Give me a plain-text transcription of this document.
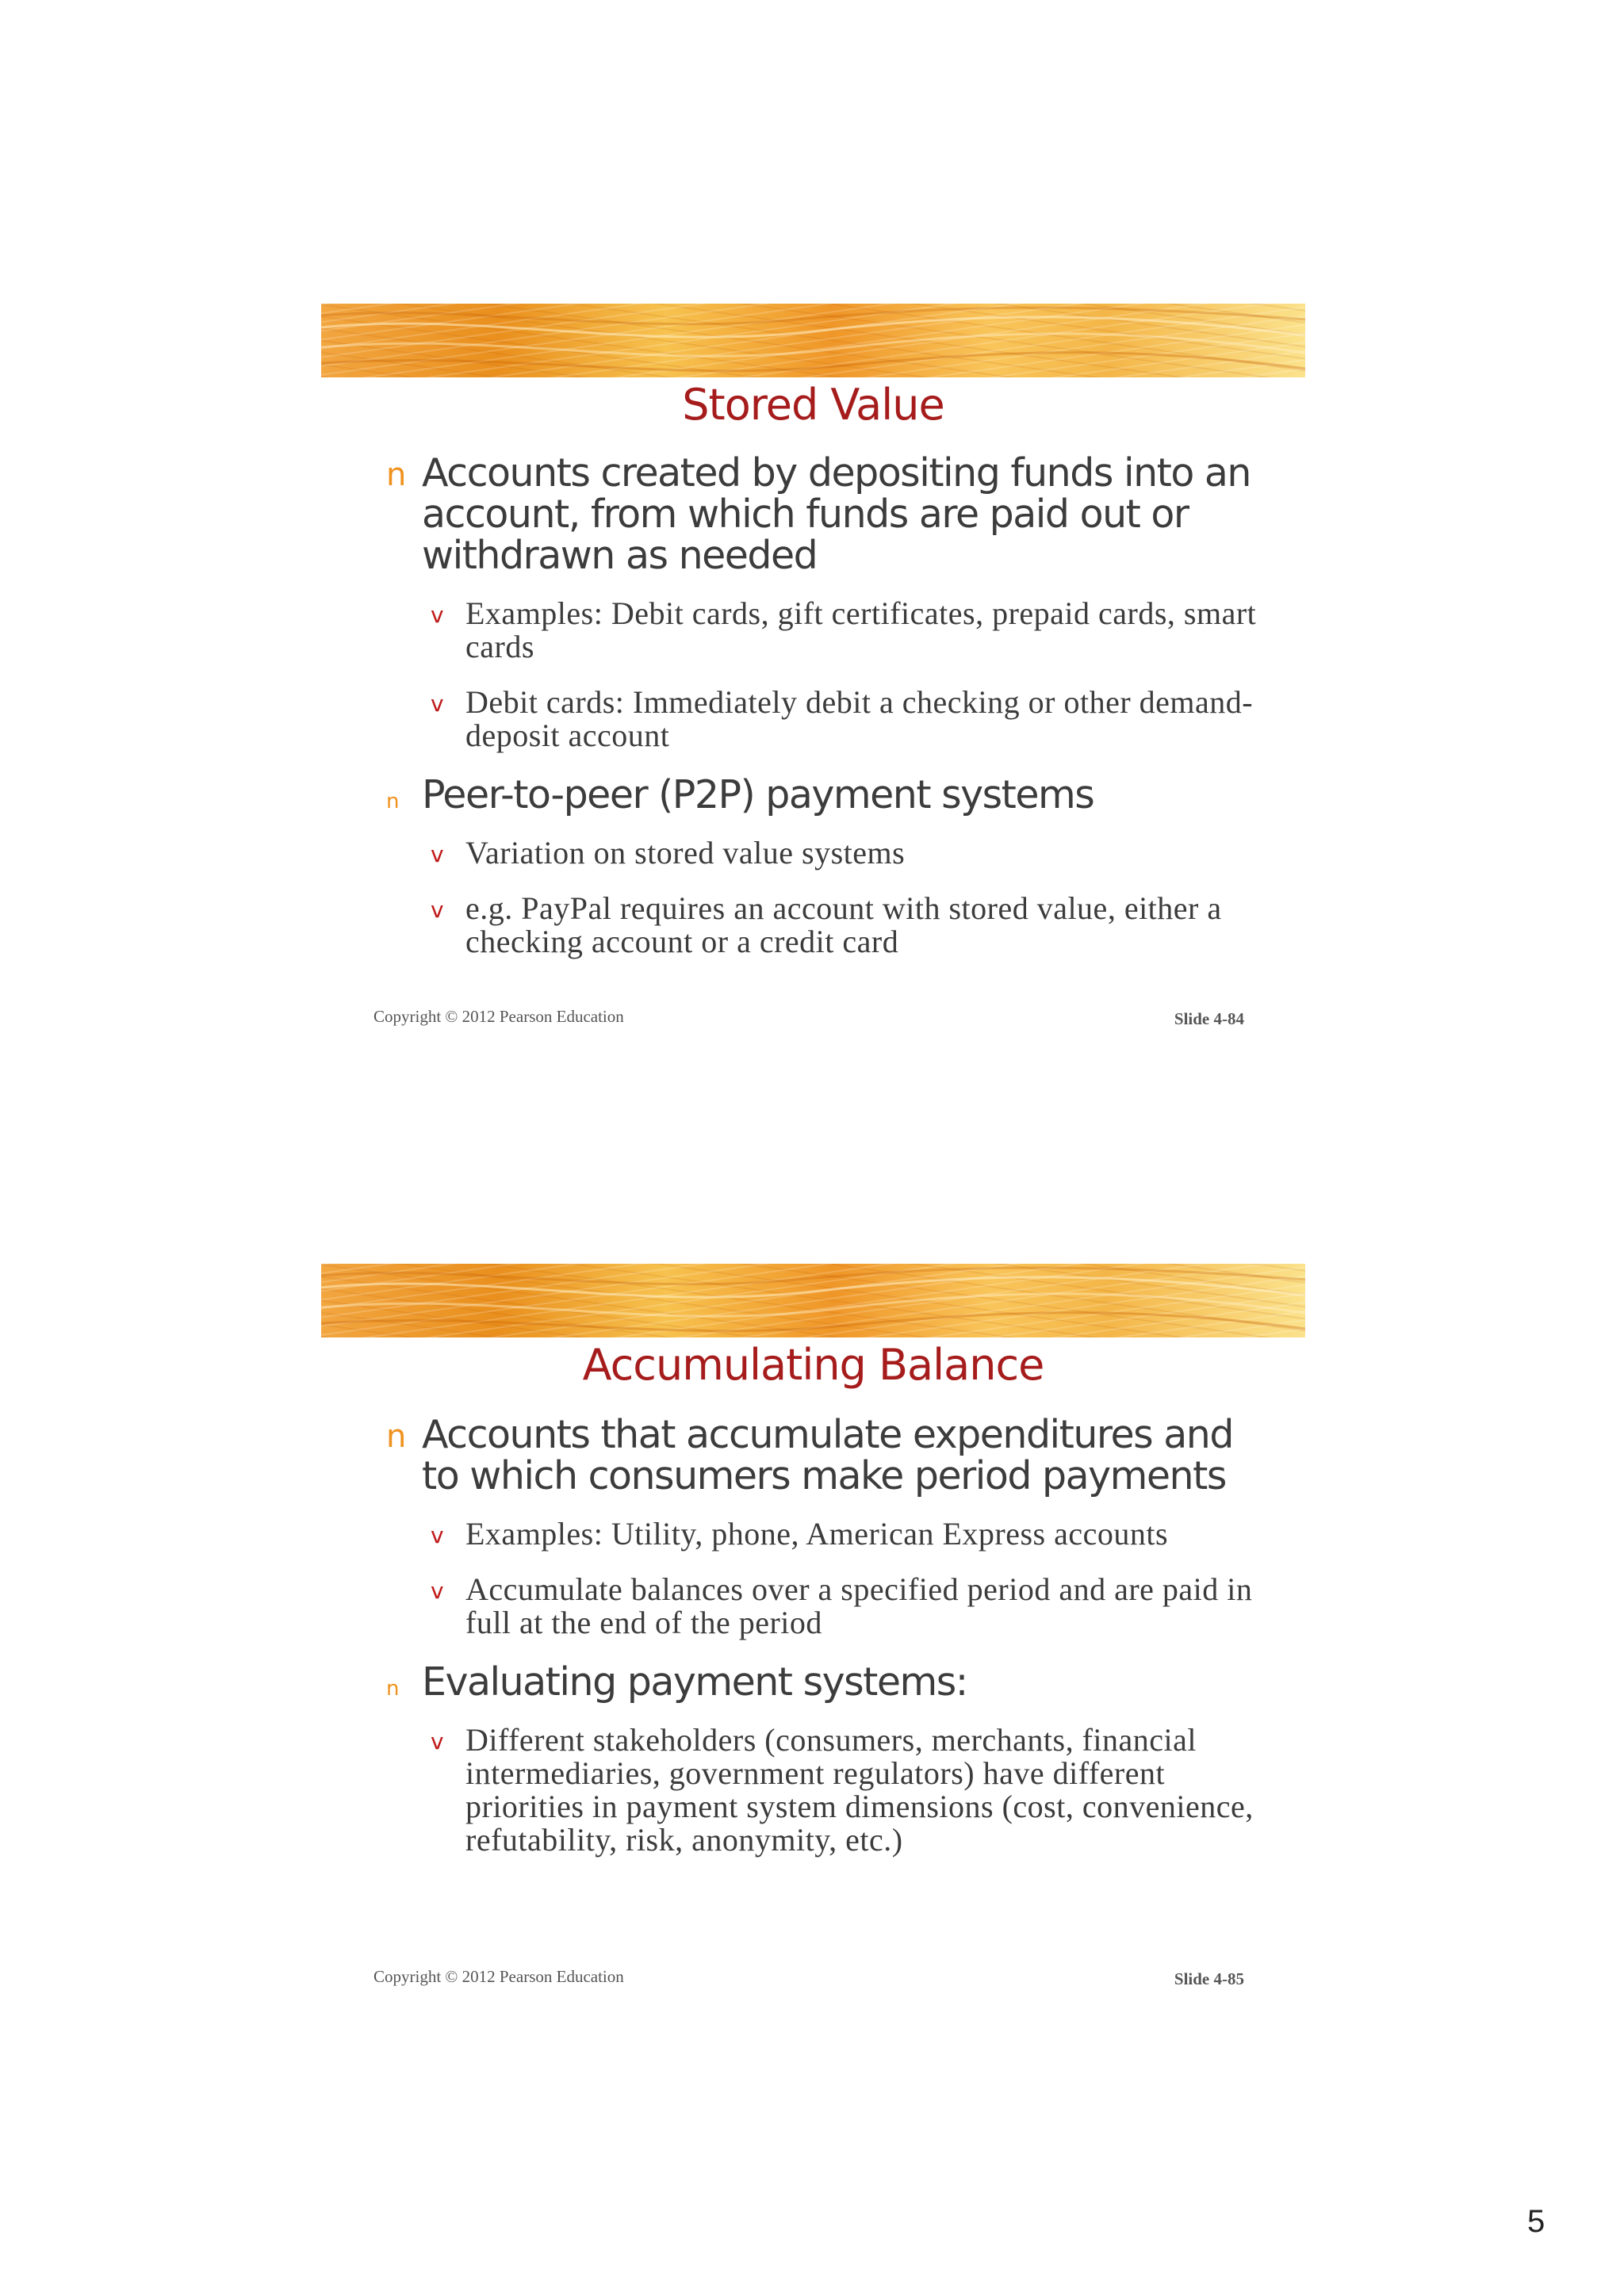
Stored Value
n Accounts created by depositing funds into an account, from which funds are paid out or withdrawn as needed
v Examples: Debit cards, gift certificates, prepaid cards, smart cards
v Debit cards: Immediately debit a checking or other demand-deposit account
n Peer-to-peer (P2P) payment systems
v Variation on stored value systems
v e.g. PayPal requires an account with stored value, either a checking account or a credit card
Copyright © 2012 Pearson Education	Slide 4-84
Accumulating Balance
n Accounts that accumulate expenditures and to which consumers make period payments
v Examples: Utility, phone, American Express accounts
v Accumulate balances over a specified period and are paid in full at the end of the period
n Evaluating payment systems:
v Different stakeholders (consumers, merchants, financial intermediaries, government regulators) have different priorities in payment system dimensions (cost, convenience, refutability, risk, anonymity, etc.)
Copyright © 2012 Pearson Education	Slide 4-85
5
